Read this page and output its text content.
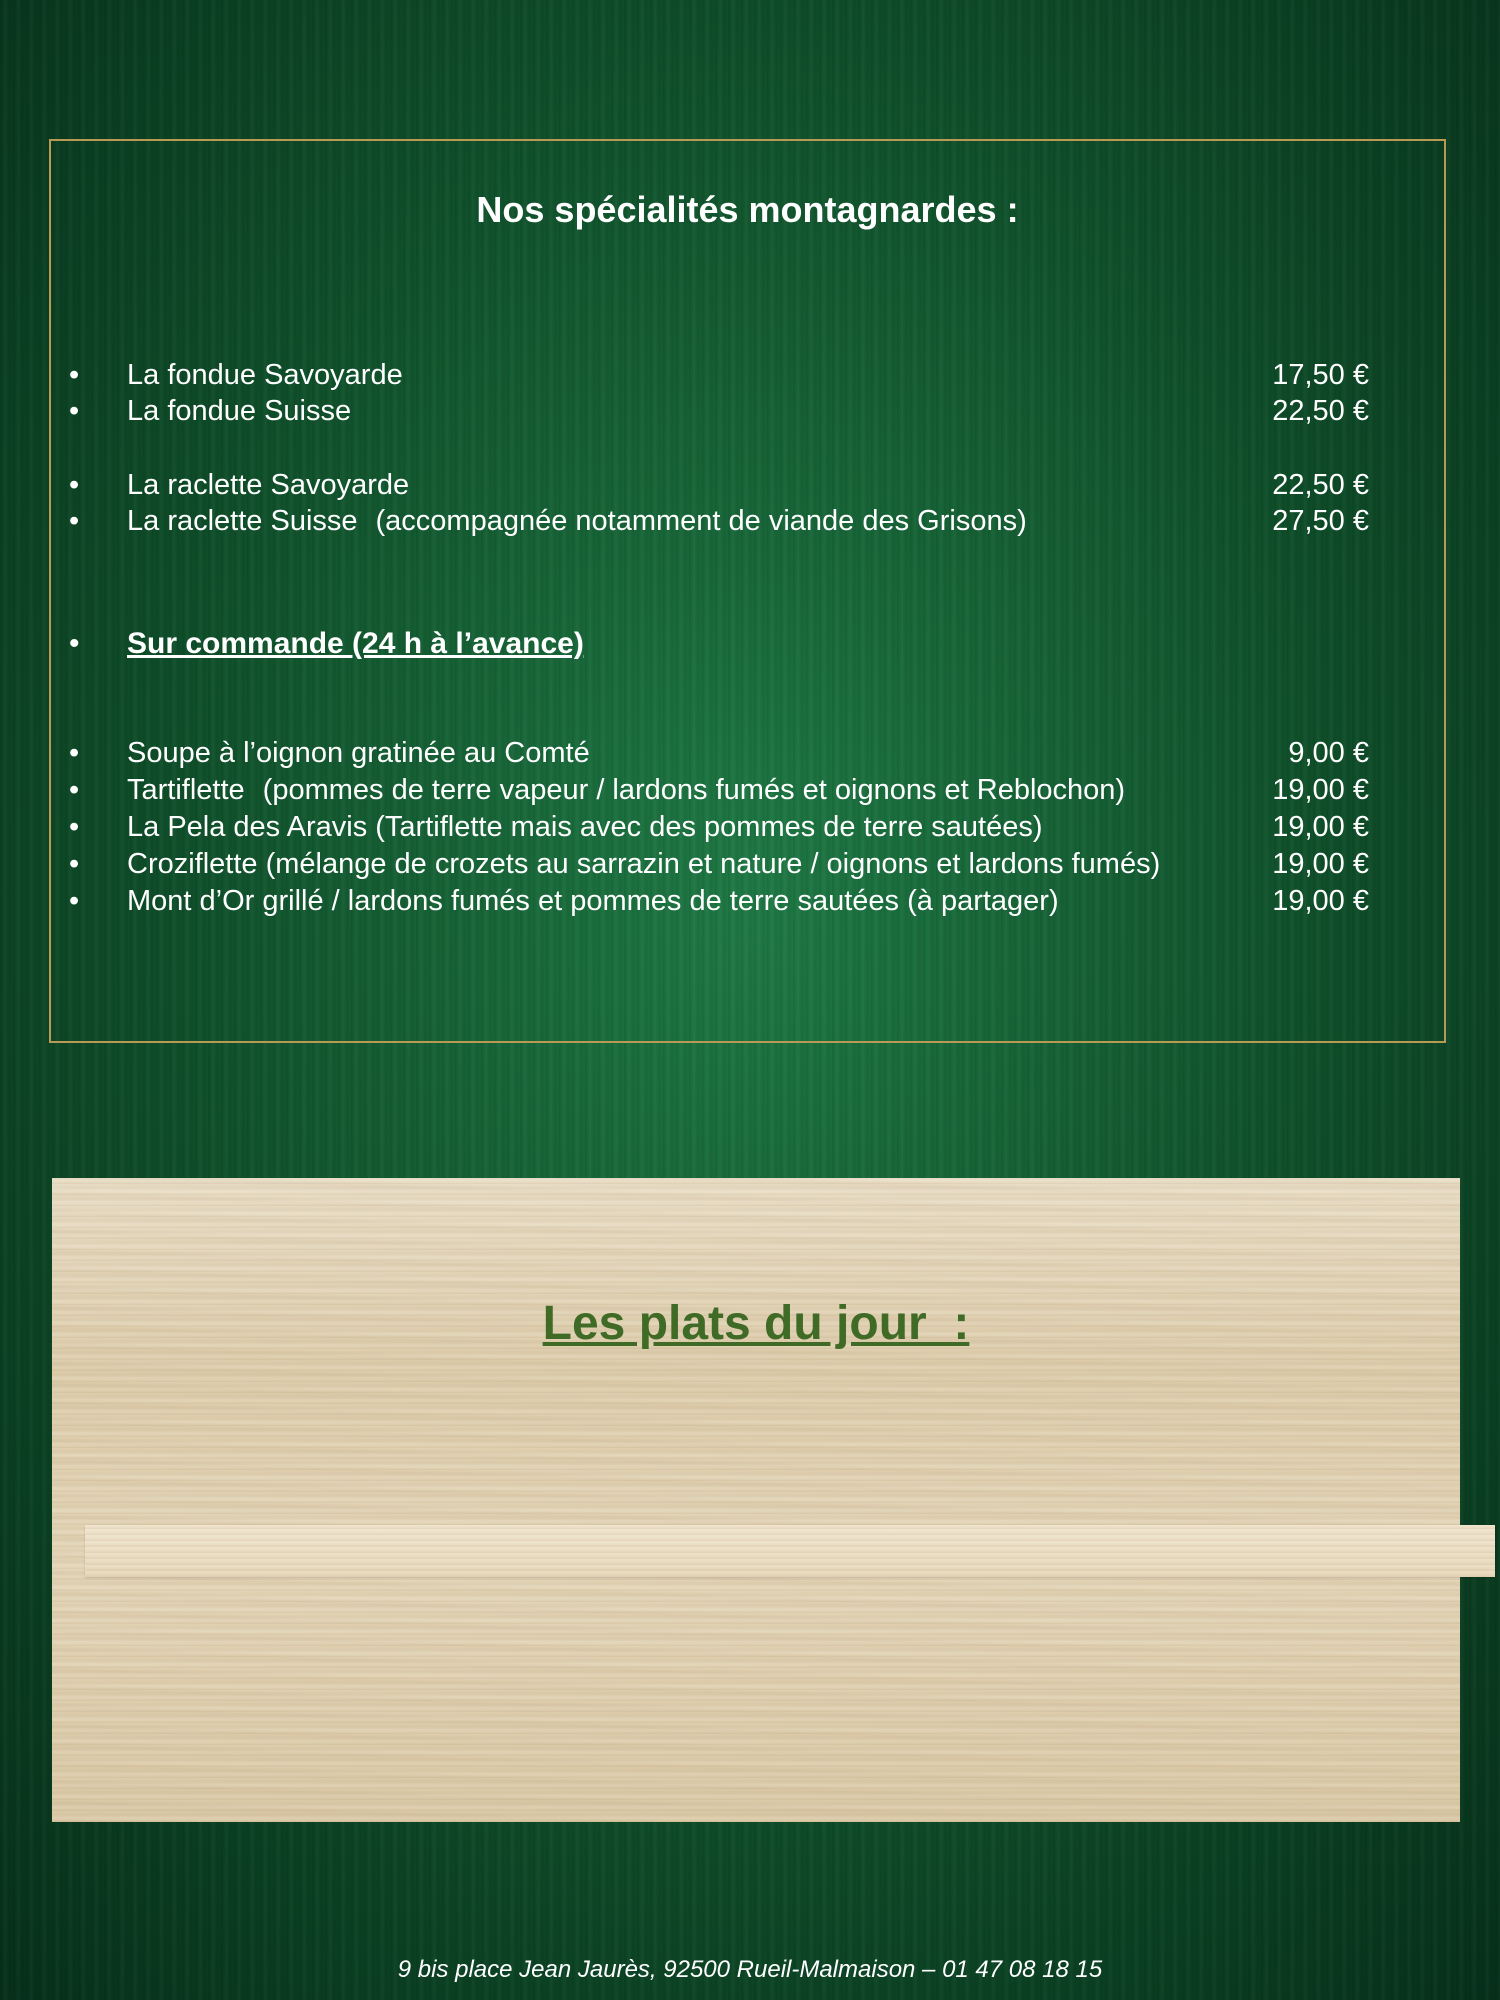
Nos spécialités montagnardes :
•	La fondue Savoyarde	17,50 €
•	La fondue Suisse	22,50 €
•	La raclette Savoyarde	22,50 €
•	La raclette Suisse (accompagnée notamment de viande des Grisons)	27,50 €
• Sur commande (24 h à l’avance)
•	Soupe à l’oignon gratinée au Comté	9,00 €
•	Tartiflette (pommes de terre vapeur / lardons fumés et oignons et Reblochon)	19,00 €
•	La Pela des Aravis (Tartiflette mais avec des pommes de terre sautées)	19,00 €
•	Croziflette (mélange de crozets au sarrazin et nature / oignons et lardons fumés)	19,00 €
•	Mont d’Or grillé / lardons fumés et pommes de terre sautées (à partager)	19,00 €
Les plats du jour  :
9 bis place Jean Jaurès, 92500 Rueil-Malmaison – 01 47 08 18 15
